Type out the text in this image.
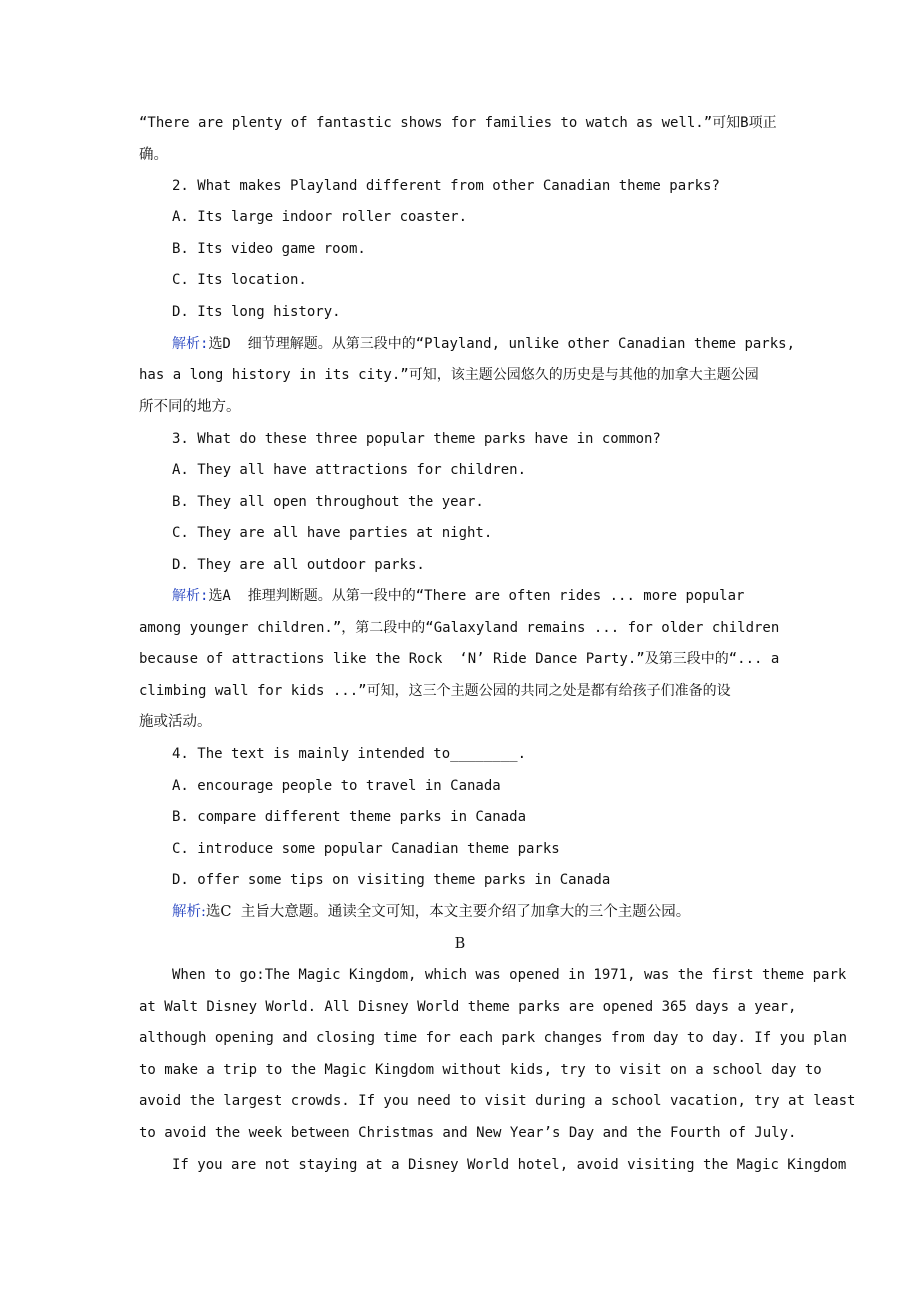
“There are plenty of fantastic shows for families to watch as well.”可知B项正
确。
2. What makes Playland different from other Canadian theme parks?
A. Its large indoor roller coaster.
B. Its video game room.
C. Its location.
D. Its long history.
解析:选D  细节理解题。从第三段中的“Playland, unlike other Canadian theme parks,
has a long history in its city.”可知，该主题公园悠久的历史是与其他的加拿大主题公园
所不同的地方。
3. What do these three popular theme parks have in common?
A. They all have attractions for children.
B. They all open throughout the year.
C. They are all have parties at night.
D. They are all outdoor parks.
解析:选A  推理判断题。从第一段中的“There are often rides ... more popular
among younger children.”，第二段中的“Galaxyland remains ... for older children
because of attractions like the Rock  ‘N’ Ride Dance Party.”及第三段中的“... a
climbing wall for kids ...”可知，这三个主题公园的共同之处是都有给孩子们准备的设
施或活动。
4. The text is mainly intended to________.
A. encourage people to travel in Canada
B. compare different theme parks in Canada
C. introduce some popular Canadian theme parks
D. offer some tips on visiting theme parks in Canada
解析:选C  主旨大意题。通读全文可知，本文主要介绍了加拿大的三个主题公园。
B
When to go:The Magic Kingdom, which was opened in 1971, was the first theme park
at Walt Disney World. All Disney World theme parks are opened 365 days a year,
although opening and closing time for each park changes from day to day. If you plan
to make a trip to the Magic Kingdom without kids, try to visit on a school day to
avoid the largest crowds. If you need to visit during a school vacation, try at least
to avoid the week between Christmas and New Year’s Day and the Fourth of July.
If you are not staying at a Disney World hotel, avoid visiting the Magic Kingdom
